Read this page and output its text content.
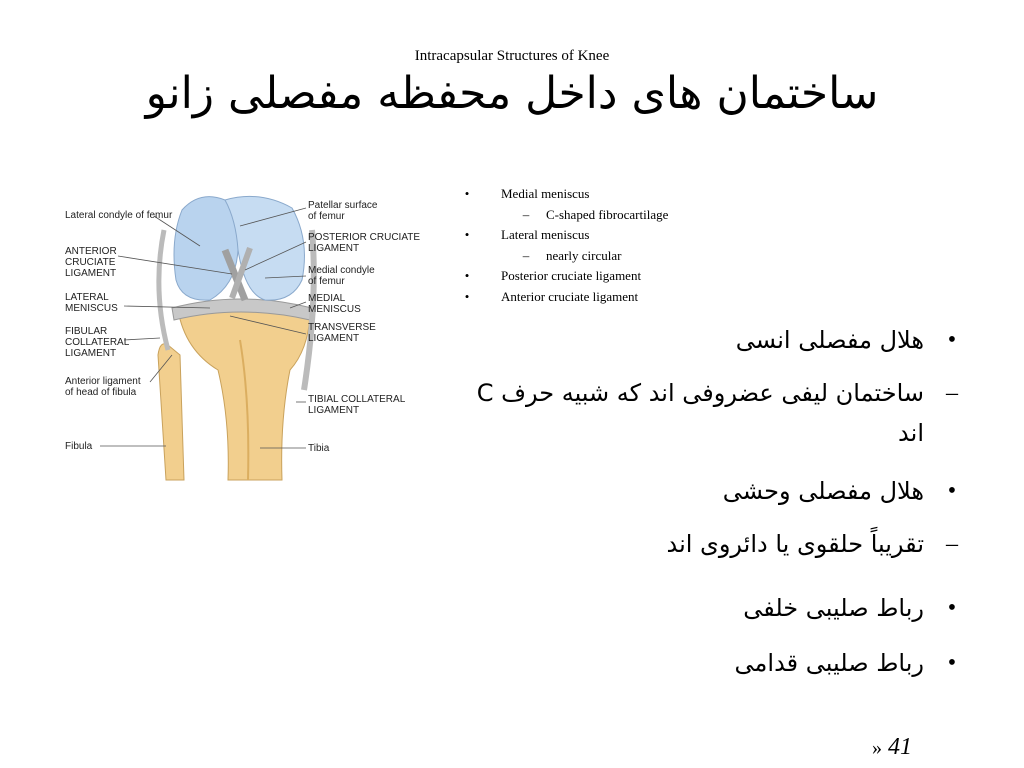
Intracapsular Structures of Knee
ساختمان های داخل محفظه مفصلی زانو
Lateral condyle of femur
ANTERIOR
CRUCIATE
LIGAMENT
LATERAL
MENISCUS
FIBULAR
COLLATERAL
LIGAMENT
Anterior ligament
of head of fibula
Fibula
Patellar surface
of femur
POSTERIOR CRUCIATE
LIGAMENT
Medial condyle
of femur
MEDIAL
MENISCUS
TRANSVERSE
LIGAMENT
TIBIAL COLLATERAL
LIGAMENT
Tibia
• Medial meniscus
– C-shaped fibrocartilage
• Lateral meniscus
– nearly circular
• Posterior cruciate ligament
• Anterior cruciate ligament
•
هلال مفصلی انسی
–
ساختمان لیفی عضروفی اند که شبیه حرف C اند
•
هلال مفصلی وحشی
–
تقریباً حلقوی یا دائروی اند
•
رباط صلیبی خلفی
•
رباط صلیبی قدامی
» 41
